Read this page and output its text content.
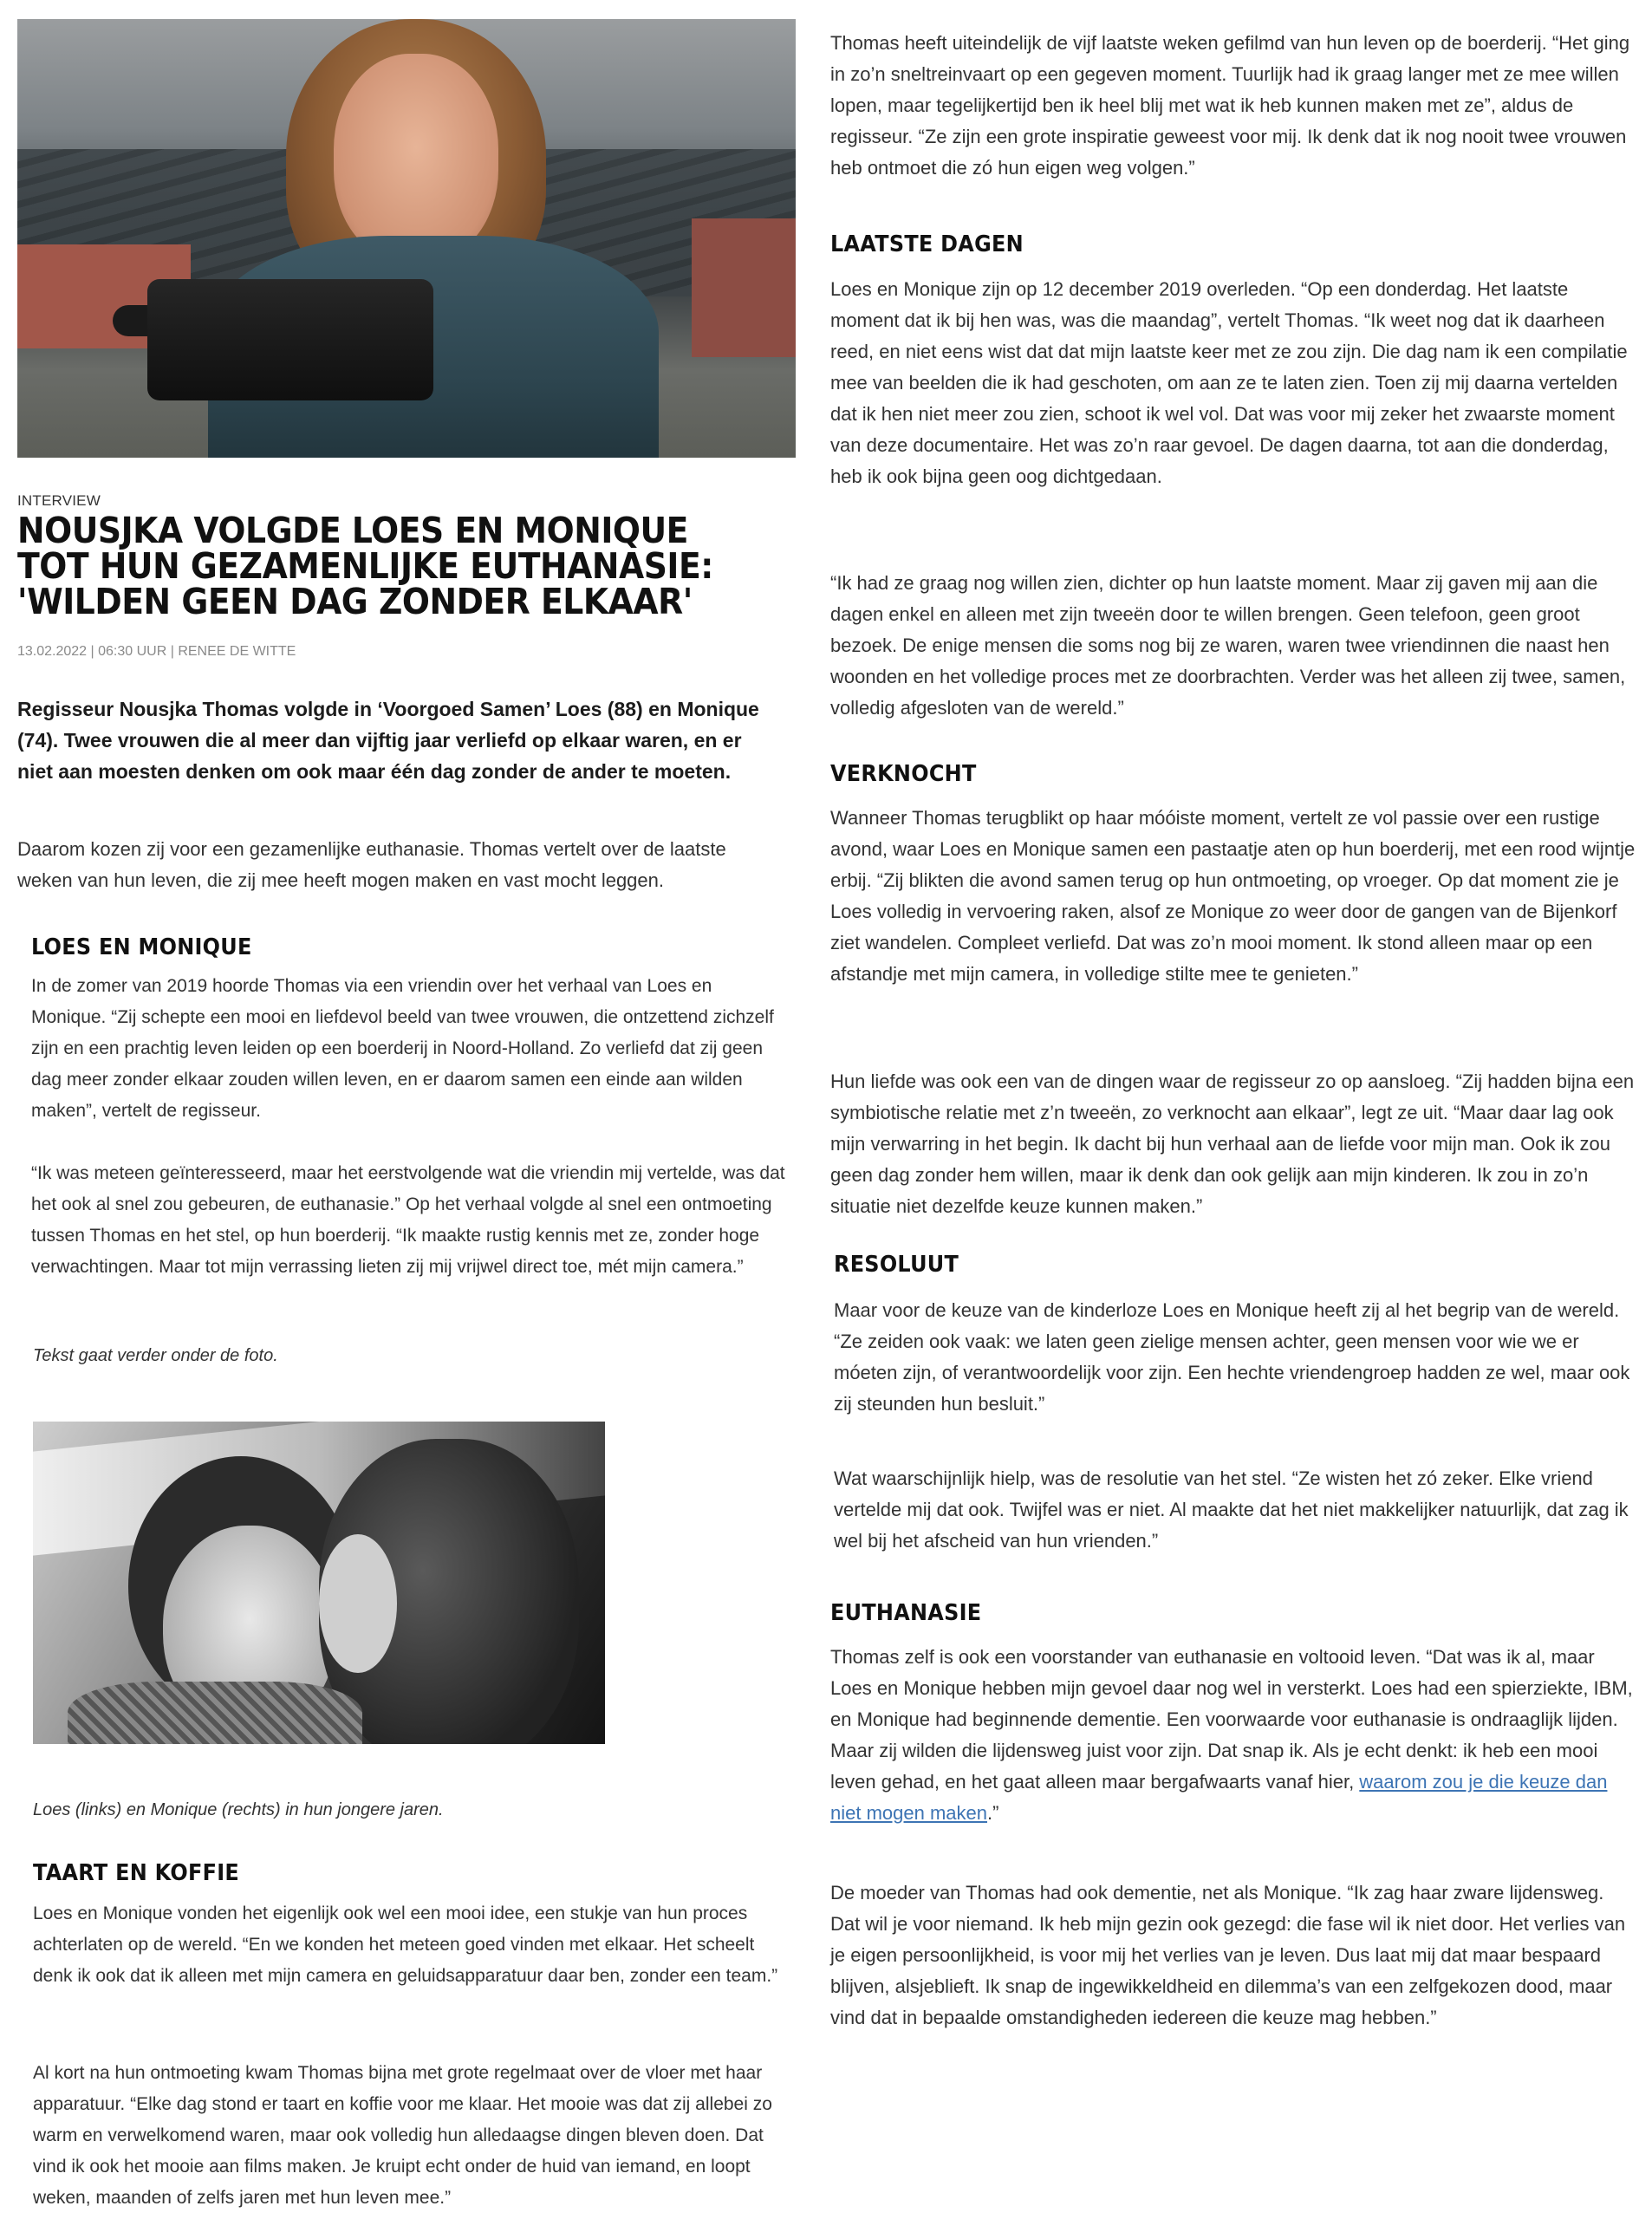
INTERVIEW
NOUSJKA VOLGDE LOES EN MONIQUE TOT HUN GEZAMENLIJKE EUTHANASIE: 'WILDEN GEEN DAG ZONDER ELKAAR'
13.02.2022 | 06:30 UUR | RENEE DE WITTE

Regisseur Nousjka Thomas volgde in ‘Voorgoed Samen’ Loes (88) en Monique (74). Twee vrouwen die al meer dan vijftig jaar verliefd op elkaar waren, en er niet aan moesten denken om ook maar één dag zonder de ander te moeten.

Daarom kozen zij voor een gezamenlijke euthanasie. Thomas vertelt over de laatste weken van hun leven, die zij mee heeft mogen maken en vast mocht leggen.

LOES EN MONIQUE

In de zomer van 2019 hoorde Thomas via een vriendin over het verhaal van Loes en Monique. “Zij schepte een mooi en liefdevol beeld van twee vrouwen, die ontzettend zichzelf zijn en een prachtig leven leiden op een boerderij in Noord-Holland. Zo verliefd dat zij geen dag meer zonder elkaar zouden willen leven, en er daarom samen een einde aan wilden maken”, vertelt de regisseur.

“Ik was meteen geïnteresseerd, maar het eerstvolgende wat die vriendin mij vertelde, was dat het ook al snel zou gebeuren, de euthanasie.” Op het verhaal volgde al snel een ontmoeting tussen Thomas en het stel, op hun boerderij. “Ik maakte rustig kennis met ze, zonder hoge verwachtingen. Maar tot mijn verrassing lieten zij mij vrijwel direct toe, mét mijn camera.”

Tekst gaat verder onder de foto.

Loes (links) en Monique (rechts) in hun jongere jaren.

TAART EN KOFFIE

Loes en Monique vonden het eigenlijk ook wel een mooi idee, een stukje van hun proces achterlaten op de wereld. “En we konden het meteen goed vinden met elkaar. Het scheelt denk ik ook dat ik alleen met mijn camera en geluidsapparatuur daar ben, zonder een team.”

Al kort na hun ontmoeting kwam Thomas bijna met grote regelmaat over de vloer met haar apparatuur. “Elke dag stond er taart en koffie voor me klaar. Het mooie was dat zij allebei zo warm en verwelkomend waren, maar ook volledig hun alledaagse dingen bleven doen. Dat vind ik ook het mooie aan films maken. Je kruipt echt onder de huid van iemand, en loopt weken, maanden of zelfs jaren met hun leven mee.”

Thomas heeft uiteindelijk de vijf laatste weken gefilmd van hun leven op de boerderij. “Het ging in zo’n sneltreinvaart op een gegeven moment. Tuurlijk had ik graag langer met ze mee willen lopen, maar tegelijkertijd ben ik heel blij met wat ik heb kunnen maken met ze”, aldus de regisseur. “Ze zijn een grote inspiratie geweest voor mij. Ik denk dat ik nog nooit twee vrouwen heb ontmoet die zó hun eigen weg volgen.”

LAATSTE DAGEN

Loes en Monique zijn op 12 december 2019 overleden. “Op een donderdag. Het laatste moment dat ik bij hen was, was die maandag”, vertelt Thomas. “Ik weet nog dat ik daarheen reed, en niet eens wist dat dat mijn laatste keer met ze zou zijn. Die dag nam ik een compilatie mee van beelden die ik had geschoten, om aan ze te laten zien. Toen zij mij daarna vertelden dat ik hen niet meer zou zien, schoot ik wel vol. Dat was voor mij zeker het zwaarste moment van deze documentaire. Het was zo’n raar gevoel. De dagen daarna, tot aan die donderdag, heb ik ook bijna geen oog dichtgedaan.

“Ik had ze graag nog willen zien, dichter op hun laatste moment. Maar zij gaven mij aan die dagen enkel en alleen met zijn tweeën door te willen brengen. Geen telefoon, geen groot bezoek. De enige mensen die soms nog bij ze waren, waren twee vriendinnen die naast hen woonden en het volledige proces met ze doorbrachten. Verder was het alleen zij twee, samen, volledig afgesloten van de wereld.”

VERKNOCHT

Wanneer Thomas terugblikt op haar móóiste moment, vertelt ze vol passie over een rustige avond, waar Loes en Monique samen een pastaatje aten op hun boerderij, met een rood wijntje erbij. “Zij blikten die avond samen terug op hun ontmoeting, op vroeger. Op dat moment zie je Loes volledig in vervoering raken, alsof ze Monique zo weer door de gangen van de Bijenkorf ziet wandelen. Compleet verliefd. Dat was zo’n mooi moment. Ik stond alleen maar op een afstandje met mijn camera, in volledige stilte mee te genieten.”

Hun liefde was ook een van de dingen waar de regisseur zo op aansloeg. “Zij hadden bijna een symbiotische relatie met z’n tweeën, zo verknocht aan elkaar”, legt ze uit. “Maar daar lag ook mijn verwarring in het begin. Ik dacht bij hun verhaal aan de liefde voor mijn man. Ook ik zou geen dag zonder hem willen, maar ik denk dan ook gelijk aan mijn kinderen. Ik zou in zo’n situatie niet dezelfde keuze kunnen maken.”

RESOLUUT

Maar voor de keuze van de kinderloze Loes en Monique heeft zij al het begrip van de wereld. “Ze zeiden ook vaak: we laten geen zielige mensen achter, geen mensen voor wie we er móeten zijn, of verantwoordelijk voor zijn. Een hechte vriendengroep hadden ze wel, maar ook zij steunden hun besluit.”

Wat waarschijnlijk hielp, was de resolutie van het stel. “Ze wisten het zó zeker. Elke vriend vertelde mij dat ook. Twijfel was er niet. Al maakte dat het niet makkelijker natuurlijk, dat zag ik wel bij het afscheid van hun vrienden.”

EUTHANASIE

Thomas zelf is ook een voorstander van euthanasie en voltooid leven. “Dat was ik al, maar Loes en Monique hebben mijn gevoel daar nog wel in versterkt. Loes had een spierziekte, IBM, en Monique had beginnende dementie. Een voorwaarde voor euthanasie is ondraaglijk lijden. Maar zij wilden die lijdensweg juist voor zijn. Dat snap ik. Als je echt denkt: ik heb een mooi leven gehad, en het gaat alleen maar bergafwaarts vanaf hier, waarom zou je die keuze dan niet mogen maken.”

De moeder van Thomas had ook dementie, net als Monique. “Ik zag haar zware lijdensweg. Dat wil je voor niemand. Ik heb mijn gezin ook gezegd: die fase wil ik niet door. Het verlies van je eigen persoonlijkheid, is voor mij het verlies van je leven. Dus laat mij dat maar bespaard blijven, alsjeblieft. Ik snap de ingewikkeldheid en dilemma’s van een zelfgekozen dood, maar vind dat in bepaalde omstandigheden iedereen die keuze mag hebben.”
